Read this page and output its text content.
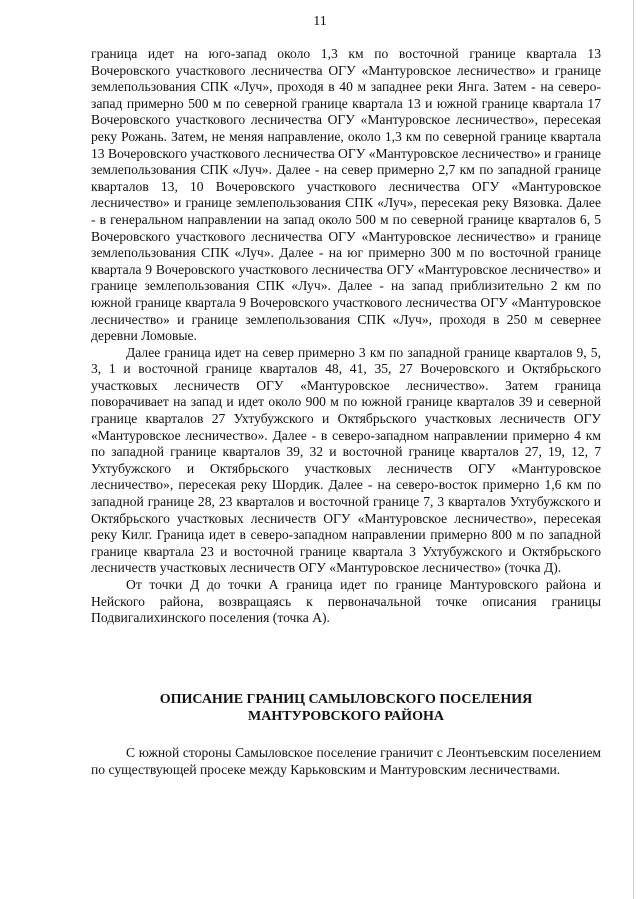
11

граница идет на юго-запад около 1,3 км по восточной границе квартала 13 Вочеровского участкового лесничества ОГУ «Мантуровское лесничество» и границе землепользования СПК «Луч», проходя в 40 м западнее реки Янга. Затем - на северо-запад примерно 500 м по северной границе квартала 13 и южной границе квартала 17 Вочеровского участкового лесничества ОГУ «Мантуровское лесничество», пересекая реку Рожань. Затем, не меняя направление, около 1,3 км по северной границе квартала 13 Вочеровского участкового лесничества ОГУ «Мантуровское лесничество» и границе землепользования СПК «Луч». Далее - на север примерно 2,7 км по западной границе кварталов 13, 10 Вочеровского участкового лесничества ОГУ «Мантуровское лесничество» и границе землепользования СПК «Луч», пересекая реку Вязовка. Далее - в генеральном направлении на запад около 500 м по северной границе кварталов 6, 5 Вочеровского участкового лесничества ОГУ «Мантуровское лесничество» и границе землепользования СПК «Луч». Далее - на юг примерно 300 м по восточной границе квартала 9 Вочеровского участкового лесничества ОГУ «Мантуровское лесничество» и границе землепользования СПК «Луч». Далее - на запад приблизительно 2 км по южной границе квартала 9 Вочеровского участкового лесничества ОГУ «Мантуровское лесничество» и границе землепользования СПК «Луч», проходя в 250 м севернее деревни Ломовые.

Далее граница идет на север примерно 3 км по западной границе кварталов 9, 5, 3, 1 и восточной границе кварталов 48, 41, 35, 27 Вочеровского и Октябрьского участковых лесничеств ОГУ «Мантуровское лесничество». Затем граница поворачивает на запад и идет около 900 м по южной границе кварталов 39 и северной границе кварталов 27 Ухтубужского и Октябрьского участковых лесничеств ОГУ «Мантуровское лесничество». Далее - в северо-западном направлении примерно 4 км по западной границе кварталов 39, 32 и восточной границе кварталов 27, 19, 12, 7 Ухтубужского и Октябрьского участковых лесничеств ОГУ «Мантуровское лесничество», пересекая реку Шордик. Далее - на северо-восток примерно 1,6 км по западной границе 28, 23 кварталов и восточной границе 7, 3 кварталов Ухтубужского и Октябрьского участковых лесничеств ОГУ «Мантуровское лесничество», пересекая реку Килг. Граница идет в северо-западном направлении примерно 800 м по западной границе квартала 23 и восточной границе квартала 3 Ухтубужского и Октябрьского лесничеств участковых лесничеств ОГУ «Мантуровское лесничество» (точка Д).

От точки Д до точки А граница идет по границе Мантуровского района и Нейского района, возвращаясь к первоначальной точке описания границы Подвигалихинского поселения (точка А).

ОПИСАНИЕ ГРАНИЦ САМЫЛОВСКОГО ПОСЕЛЕНИЯ
МАНТУРОВСКОГО РАЙОНА

С южной стороны Самыловское поселение граничит с Леонтьевским поселением по существующей просеке между Карьковским и Мантуровским лесничествами.
